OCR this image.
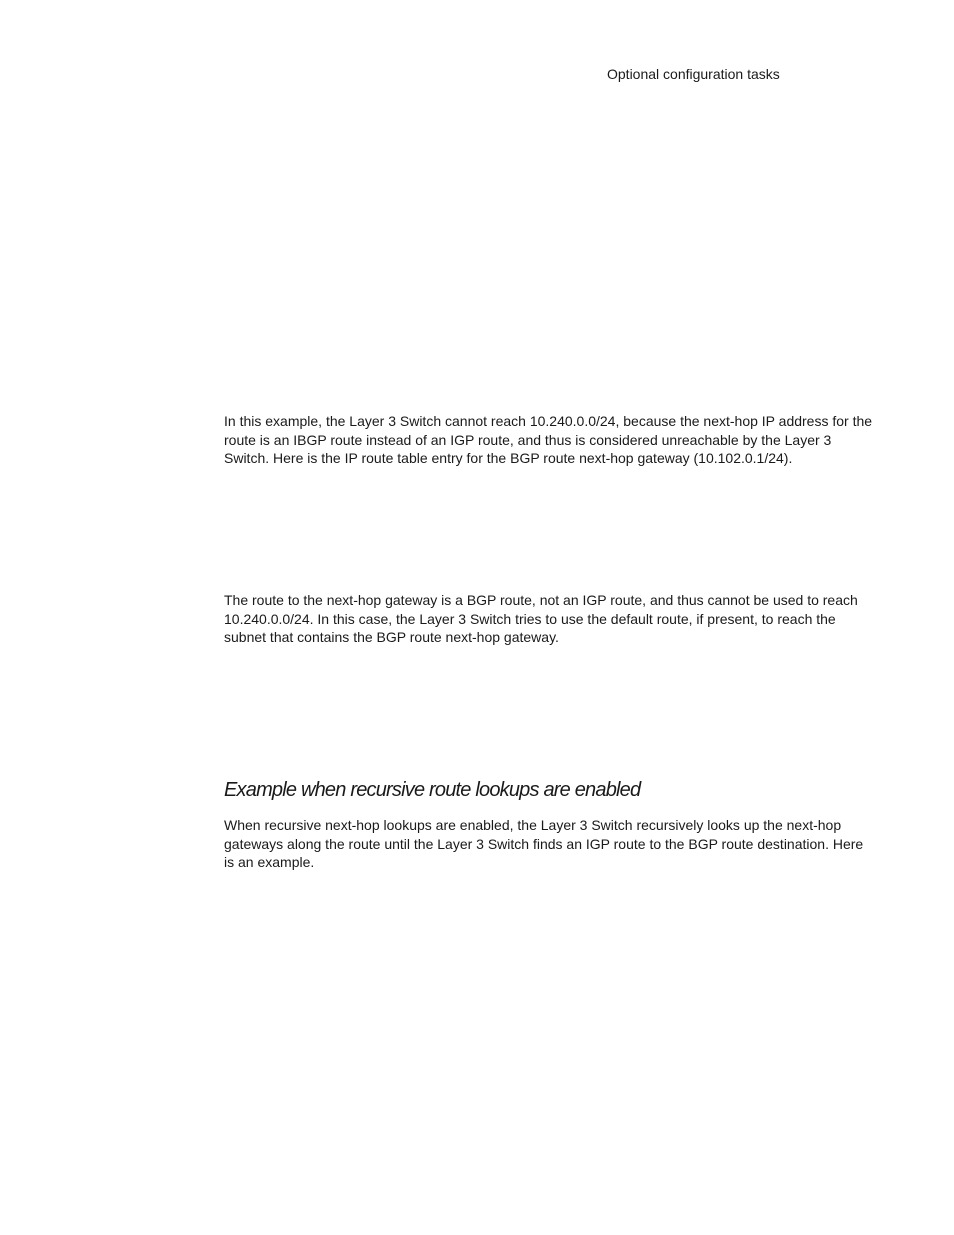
Optional configuration tasks

In this example, the Layer 3 Switch cannot reach 10.240.0.0/24, because the next-hop IP address for the route is an IBGP route instead of an IGP route, and thus is considered unreachable by the Layer 3 Switch. Here is the IP route table entry for the BGP route next-hop gateway (10.102.0.1/24).

The route to the next-hop gateway is a BGP route, not an IGP route, and thus cannot be used to reach 10.240.0.0/24. In this case, the Layer 3 Switch tries to use the default route, if present, to reach the subnet that contains the BGP route next-hop gateway.

Example when recursive route lookups are enabled

When recursive next-hop lookups are enabled, the Layer 3 Switch recursively looks up the next-hop gateways along the route until the Layer 3 Switch finds an IGP route to the BGP route destination. Here is an example.
